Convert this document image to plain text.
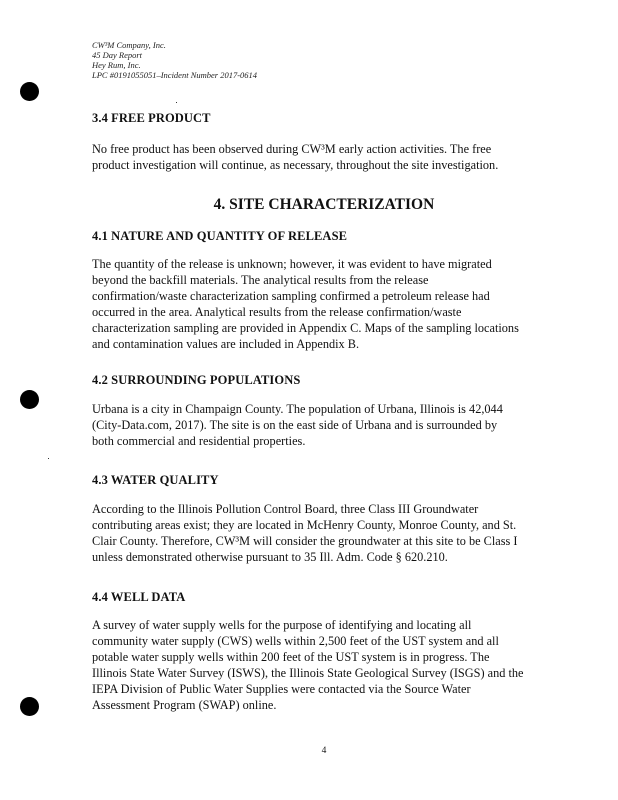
CW³M Company, Inc.
45 Day Report
Hey Rum, Inc.
LPC #0191055051–Incident Number 2017-0614
3.4 FREE PRODUCT
No free product has been observed during CW³M early action activities. The free
product investigation will continue, as necessary, throughout the site investigation.
4. SITE CHARACTERIZATION
4.1 NATURE AND QUANTITY OF RELEASE
The quantity of the release is unknown; however, it was evident to have migrated
beyond the backfill materials. The analytical results from the release
confirmation/waste characterization sampling confirmed a petroleum release had
occurred in the area. Analytical results from the release confirmation/waste
characterization sampling are provided in Appendix C. Maps of the sampling locations
and contamination values are included in Appendix B.
4.2 SURROUNDING POPULATIONS
Urbana is a city in Champaign County. The population of Urbana, Illinois is 42,044
(City-Data.com, 2017). The site is on the east side of Urbana and is surrounded by
both commercial and residential properties.
4.3 WATER QUALITY
According to the Illinois Pollution Control Board, three Class III Groundwater
contributing areas exist; they are located in McHenry County, Monroe County, and St.
Clair County. Therefore, CW³M will consider the groundwater at this site to be Class I
unless demonstrated otherwise pursuant to 35 Ill. Adm. Code § 620.210.
4.4 WELL DATA
A survey of water supply wells for the purpose of identifying and locating all
community water supply (CWS) wells within 2,500 feet of the UST system and all
potable water supply wells within 200 feet of the UST system is in progress. The
Illinois State Water Survey (ISWS), the Illinois State Geological Survey (ISGS) and the
IEPA Division of Public Water Supplies were contacted via the Source Water
Assessment Program (SWAP) online.
4
